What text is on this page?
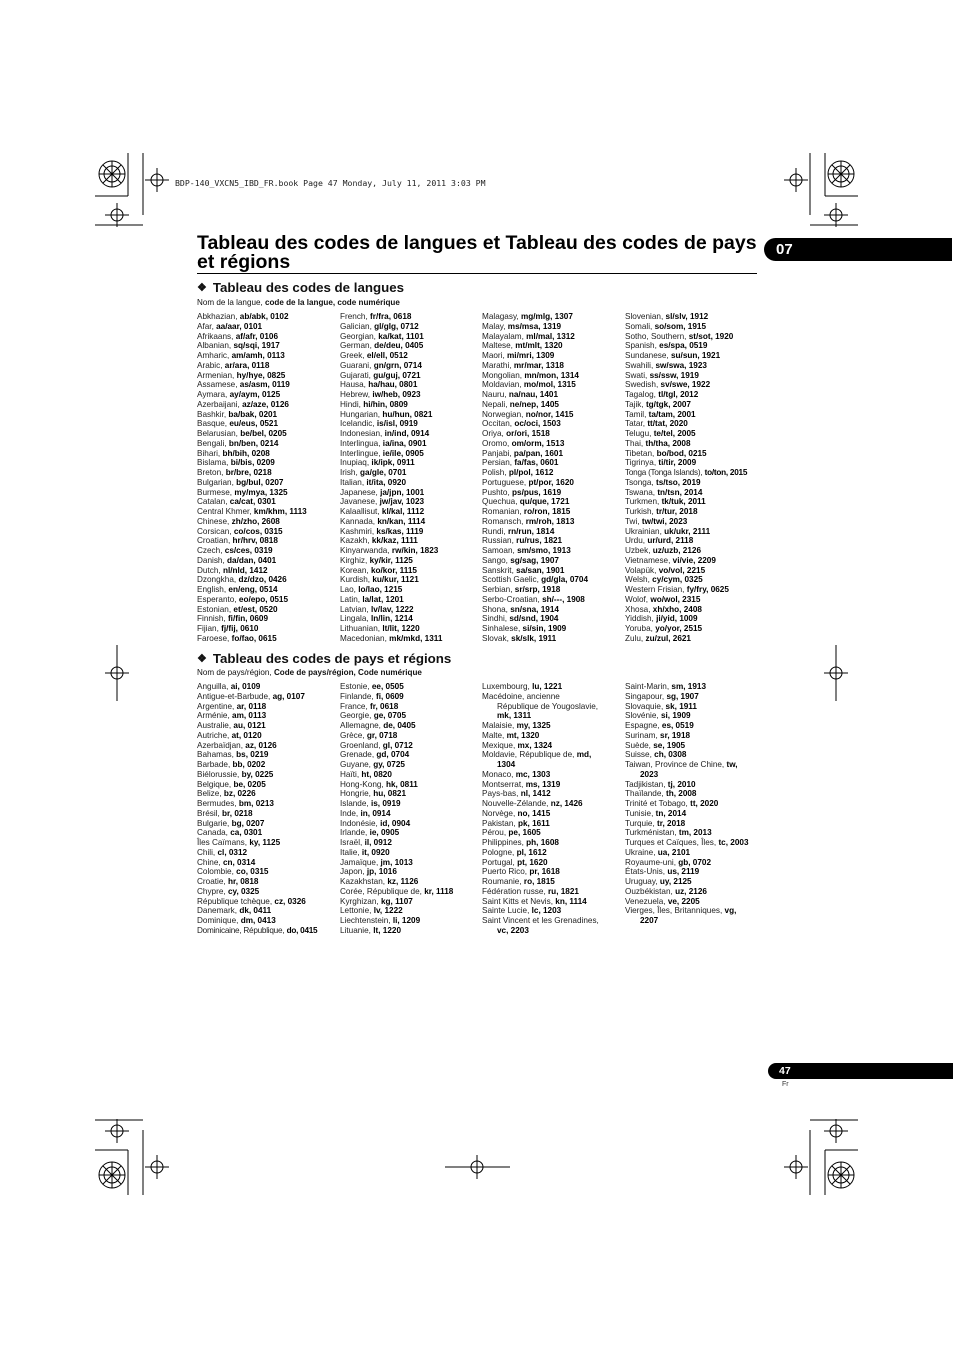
BDP-140_VXCN5_IBD_FR.book Page 47 Monday, July 11, 2011 3:03 PM
Tableau des codes de langues et Tableau des codes de pays et régions
07
❖ Tableau des codes de langues
Nom de la langue, code de la langue, code numérique
Abkhazian, ab/abk, 0102
Afar, aa/aar, 0101
Afrikaans, af/afr, 0106
Albanian, sq/sqi, 1917
Amharic, am/amh, 0113
Arabic, ar/ara, 0118
Armenian, hy/hye, 0825
Assamese, as/asm, 0119
Aymara, ay/aym, 0125
Azerbaijani, az/aze, 0126
Bashkir, ba/bak, 0201
Basque, eu/eus, 0521
Belarusian, be/bel, 0205
Bengali, bn/ben, 0214
Bihari, bh/bih, 0208
Bislama, bi/bis, 0209
Breton, br/bre, 0218
Bulgarian, bg/bul, 0207
Burmese, my/mya, 1325
Catalan, ca/cat, 0301
Central Khmer, km/khm, 1113
Chinese, zh/zho, 2608
Corsican, co/cos, 0315
Croatian, hr/hrv, 0818
Czech, cs/ces, 0319
Danish, da/dan, 0401
Dutch, nl/nld, 1412
Dzongkha, dz/dzo, 0426
English, en/eng, 0514
Esperanto, eo/epo, 0515
Estonian, et/est, 0520
Finnish, fi/fin, 0609
Fijian, fj/fij, 0610
Faroese, fo/fao, 0615
French, fr/fra, 0618
Galician, gl/glg, 0712
Georgian, ka/kat, 1101
German, de/deu, 0405
Greek, el/ell, 0512
Guarani, gn/grn, 0714
Gujarati, gu/guj, 0721
Hausa, ha/hau, 0801
Hebrew, iw/heb, 0923
Hindi, hi/hin, 0809
Hungarian, hu/hun, 0821
Icelandic, is/isl, 0919
Indonesian, in/ind, 0914
Interlingua, ia/ina, 0901
Interlingue, ie/ile, 0905
Inupiaq, ik/ipk, 0911
Irish, ga/gle, 0701
Italian, it/ita, 0920
Japanese, ja/jpn, 1001
Javanese, jw/jav, 1023
Kalaallisut, kl/kal, 1112
Kannada, kn/kan, 1114
Kashmiri, ks/kas, 1119
Kazakh, kk/kaz, 1111
Kinyarwanda, rw/kin, 1823
Kirghiz, ky/kir, 1125
Korean, ko/kor, 1115
Kurdish, ku/kur, 1121
Lao, lo/lao, 1215
Latin, la/lat, 1201
Latvian, lv/lav, 1222
Lingala, ln/lin, 1214
Lithuanian, lt/lit, 1220
Macedonian, mk/mkd, 1311
Malagasy, mg/mlg, 1307
Malay, ms/msa, 1319
Malayalam, ml/mal, 1312
Maltese, mt/mlt, 1320
Maori, mi/mri, 1309
Marathi, mr/mar, 1318
Mongolian, mn/mon, 1314
Moldavian, mo/mol, 1315
Nauru, na/nau, 1401
Nepali, ne/nep, 1405
Norwegian, no/nor, 1415
Occitan, oc/oci, 1503
Oriya, or/ori, 1518
Oromo, om/orm, 1513
Panjabi, pa/pan, 1601
Persian, fa/fas, 0601
Polish, pl/pol, 1612
Portuguese, pt/por, 1620
Pushto, ps/pus, 1619
Quechua, qu/que, 1721
Romanian, ro/ron, 1815
Romansch, rm/roh, 1813
Rundi, rn/run, 1814
Russian, ru/rus, 1821
Samoan, sm/smo, 1913
Sango, sg/sag, 1907
Sanskrit, sa/san, 1901
Scottish Gaelic, gd/gla, 0704
Serbian, sr/srp, 1918
Serbo-Croatian, sh/---, 1908
Shona, sn/sna, 1914
Sindhi, sd/snd, 1904
Sinhalese, si/sin, 1909
Slovak, sk/slk, 1911
Slovenian, sl/slv, 1912
Somali, so/som, 1915
Sotho, Southern, st/sot, 1920
Spanish, es/spa, 0519
Sundanese, su/sun, 1921
Swahili, sw/swa, 1923
Swati, ss/ssw, 1919
Swedish, sv/swe, 1922
Tagalog, tl/tgl, 2012
Tajik, tg/tgk, 2007
Tamil, ta/tam, 2001
Tatar, tt/tat, 2020
Telugu, te/tel, 2005
Thai, th/tha, 2008
Tibetan, bo/bod, 0215
Tigrinya, ti/tir, 2009
Tonga (Tonga Islands), to/ton, 2015
Tsonga, ts/tso, 2019
Tswana, tn/tsn, 2014
Turkmen, tk/tuk, 2011
Turkish, tr/tur, 2018
Twi, tw/twi, 2023
Ukrainian, uk/ukr, 2111
Urdu, ur/urd, 2118
Uzbek, uz/uzb, 2126
Vietnamese, vi/vie, 2209
Volapük, vo/vol, 2215
Welsh, cy/cym, 0325
Western Frisian, fy/fry, 0625
Wolof, wo/wol, 2315
Xhosa, xh/xho, 2408
Yiddish, ji/yid, 1009
Yoruba, yo/yor, 2515
Zulu, zu/zul, 2621
❖ Tableau des codes de pays et régions
Nom de pays/région, Code de pays/région, Code numérique
Anguilla, ai, 0109
Antigue-et-Barbude, ag, 0107
Argentine, ar, 0118
Arménie, am, 0113
Australie, au, 0121
Autriche, at, 0120
Azerbaïdjan, az, 0126
Bahamas, bs, 0219
Barbade, bb, 0202
Biélorussie, by, 0225
Belgique, be, 0205
Belize, bz, 0226
Bermudes, bm, 0213
Brésil, br, 0218
Bulgarie, bg, 0207
Canada, ca, 0301
Îles Caïmans, ky, 1125
Chili, cl, 0312
Chine, cn, 0314
Colombie, co, 0315
Croatie, hr, 0818
Chypre, cy, 0325
République tchèque, cz, 0326
Danemark, dk, 0411
Dominique, dm, 0413
Dominicaine, République, do, 0415
Estonie, ee, 0505
Finlande, fi, 0609
France, fr, 0618
Georgie, ge, 0705
Allemagne, de, 0405
Grèce, gr, 0718
Groenland, gl, 0712
Grenade, gd, 0704
Guyane, gy, 0725
Haïti, ht, 0820
Hong-Kong, hk, 0811
Hongrie, hu, 0821
Islande, is, 0919
Inde, in, 0914
Indonésie, id, 0904
Irlande, ie, 0905
Israël, il, 0912
Italie, it, 0920
Jamaïque, jm, 1013
Japon, jp, 1016
Kazakhstan, kz, 1126
Corée, République de, kr, 1118
Kyrghizan, kg, 1107
Lettonie, lv, 1222
Liechtenstein, li, 1209
Lituanie, lt, 1220
Luxembourg, lu, 1221
Macédoine, ancienne
République de Yougoslavie,
mk, 1311
Malaisie, my, 1325
Malte, mt, 1320
Mexique, mx, 1324
Moldavie, République de, md,
1304
Monaco, mc, 1303
Montserrat, ms, 1319
Pays-bas, nl, 1412
Nouvelle-Zélande, nz, 1426
Norvège, no, 1415
Pakistan, pk, 1611
Pérou, pe, 1605
Philippines, ph, 1608
Pologne, pl, 1612
Portugal, pt, 1620
Puerto Rico, pr, 1618
Roumanie, ro, 1815
Fédération russe, ru, 1821
Saint Kitts et Nevis, kn, 1114
Sainte Lucie, lc, 1203
Saint Vincent et les Grenadines,
vc, 2203
Saint-Marin, sm, 1913
Singapour, sg, 1907
Slovaquie, sk, 1911
Slovénie, si, 1909
Espagne, es, 0519
Surinam, sr, 1918
Suède, se, 1905
Suisse, ch, 0308
Taiwan, Province de Chine, tw,
2023
Tadjikistan, tj, 2010
Thaïlande, th, 2008
Trinité et Tobago, tt, 2020
Tunisie, tn, 2014
Turquie, tr, 2018
Turkménistan, tm, 2013
Turques et Caïques, Îles, tc, 2003
Ukraine, ua, 2101
Royaume-uni, gb, 0702
États-Unis, us, 2119
Uruguay, uy, 2125
Ouzbékistan, uz, 2126
Venezuela, ve, 2205
Vierges, Îles, Britanniques, vg,
2207
47
Fr
